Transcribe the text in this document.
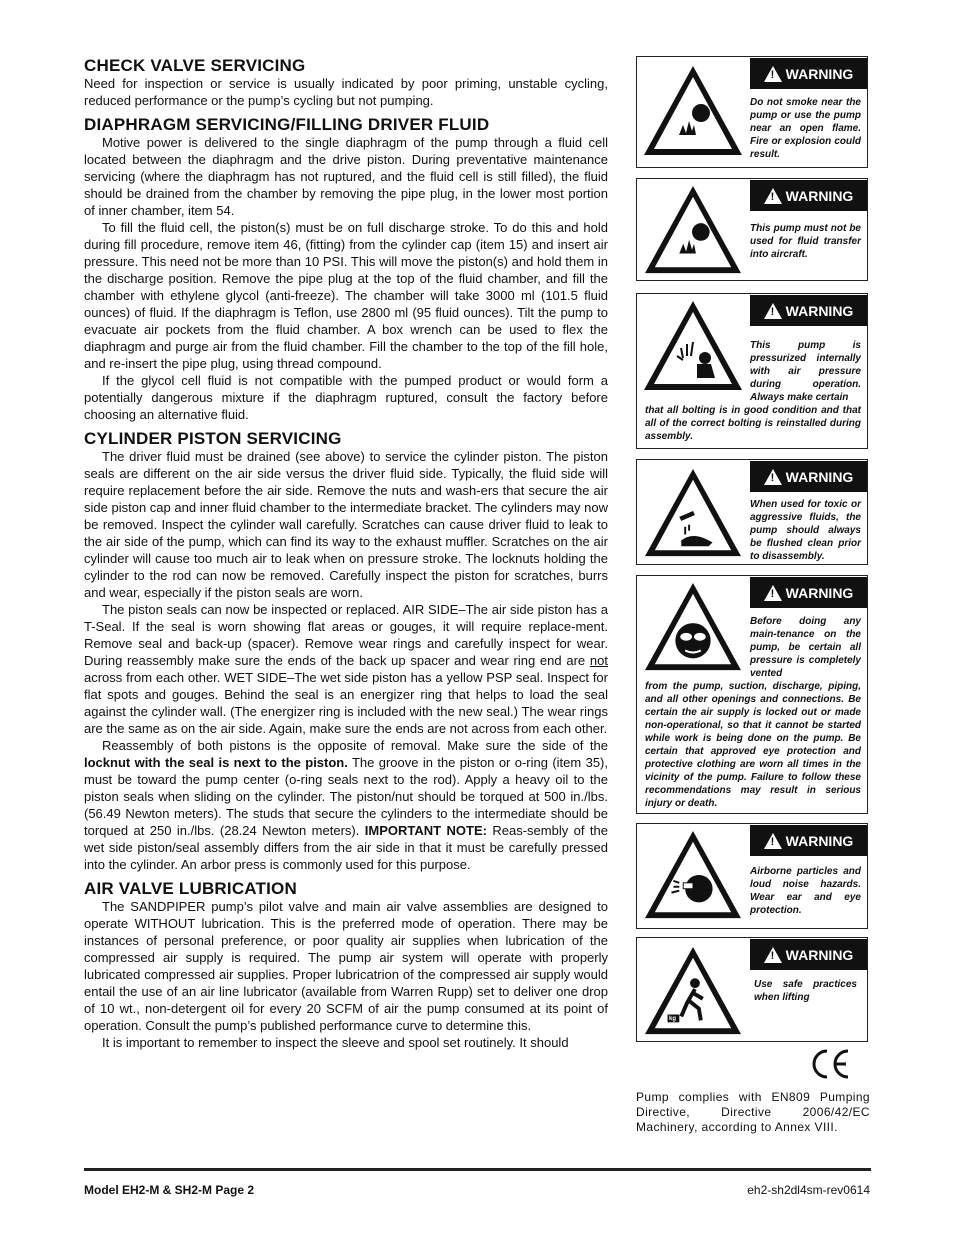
CHECK VALVE SERVICING

Need for inspection or service is usually indicated by poor priming, unstable cycling, reduced performance or the pump’s cycling but not pumping.

DIAPHRAGM SERVICING/FILLING DRIVER FLUID

Motive power is delivered to the single diaphragm of the pump through a fluid cell located between the diaphragm and the drive piston. During preventative maintenance servicing (where the diaphragm has not ruptured, and the fluid cell is still filled), the fluid should be drained from the chamber by removing the pipe plug, in the lower most portion of inner chamber, item 54.

To fill the fluid cell, the piston(s) must be on full discharge stroke. To do this and hold during fill procedure, remove item 46, (fitting) from the cylinder cap (item 15) and insert air pressure. This need not be more than 10 PSI. This will move the piston(s) and hold them in the discharge position. Remove the pipe plug at the top of the fluid chamber, and fill the chamber with ethylene glycol (anti-freeze). The chamber will take 3000 ml (101.5 fluid ounces) of fluid. If the diaphragm is Teflon, use 2800 ml (95 fluid ounces). Tilt the pump to evacuate air pockets from the fluid chamber. A box wrench can be used to flex the diaphragm and purge air from the fluid chamber. Fill the chamber to the top of the fill hole, and re-insert the pipe plug, using thread compound.

If the glycol cell fluid is not compatible with the pumped product or would form a potentially dangerous mixture if the diaphragm ruptured, consult the factory before choosing an alternative fluid.

CYLINDER PISTON SERVICING

The driver fluid must be drained (see above) to service the cylinder piston. The piston seals are different on the air side versus the driver fluid side. Typically, the fluid side will require replacement before the air side. Remove the nuts and wash-ers that secure the air side piston cap and inner fluid chamber to the intermediate bracket. The cylinders may now be removed. Inspect the cylinder wall carefully. Scratches can cause driver fluid to leak to the air side of the pump, which can find its way to the exhaust muffler. Scratches on the air cylinder will cause too much air to leak when on pressure stroke. The locknuts holding the cylinder to the rod can now be removed. Carefully inspect the piston for scratches, burrs and wear, especially if the piston seals are worn.

The piston seals can now be inspected or replaced. AIR SIDE–The air side piston has a T-Seal. If the seal is worn showing flat areas or gouges, it will require replace-ment. Remove seal and back-up (spacer). Remove wear rings and carefully inspect for wear. During reassembly make sure the ends of the back up spacer and wear ring end are not across from each other. WET SIDE–The wet side piston has a yellow PSP seal. Inspect for flat spots and gouges. Behind the seal is an energizer ring that helps to load the seal against the cylinder wall. (The energizer ring is included with the new seal.) The wear rings are the same as on the air side. Again, make sure the ends are not across from each other.

Reassembly of both pistons is the opposite of removal. Make sure the side of the locknut with the seal is next to the piston. The groove in the piston or o-ring (item 35), must be toward the pump center (o-ring seals next to the rod). Apply a heavy oil to the piston seals when sliding on the cylinder. The piston/nut should be torqued at 500 in./lbs. (56.49 Newton meters). The studs that secure the cylinders to the intermediate should be torqued at 250 in./lbs. (28.24 Newton meters). IMPORTANT NOTE: Reas-sembly of the wet side piston/seal assembly differs from the air side in that it must be carefully pressed into the cylinder. An arbor press is commonly used for this purpose.

AIR VALVE LUBRICATION

The SANDPIPER pump’s pilot valve and main air valve assemblies are designed to operate WITHOUT lubrication. This is the preferred mode of operation. There may be instances of personal preference, or poor quality air supplies when lubrication of the compressed air supply is required. The pump air system will operate with properly lubricated compressed air supplies. Proper lubricatrion of the compressed air supply would entail the use of an air line lubricator (available from Warren Rupp) set to deliver one drop of 10 wt., non-detergent oil for every 20 SCFM of air the pump consumed at its point of operation. Consult the pump’s published performance curve to determine this.

It is important to remember to inspect the sleeve and spool set routinely. It should

! WARNING
Do not smoke near the pump or use the pump near an open flame. Fire or explosion could result.
! WARNING
This pump must not be used for fluid transfer into aircraft.
! WARNING
This pump is pressurized internally with air pressure during operation. Always make certain
that all bolting is in good condition and that all of the correct bolting is reinstalled during assembly.
! WARNING
When used for toxic or aggressive fluids, the pump should always be flushed clean prior to disassembly.
! WARNING
Before doing any main-tenance on the pump, be certain all pressure is completely vented
from the pump, suction, discharge, piping, and all other openings and connections. Be certain the air supply is locked out or made non-operational, so that it cannot be started while work is being done on the pump. Be certain that approved eye protection and protective clothing are worn all times in the vicinity of the pump. Failure to follow these recommendations may result in serious injury or death.
! WARNING
Airborne particles and loud noise hazards. Wear ear and eye protection.
kg
! WARNING
Use safe practices when lifting
Pump complies with EN809 Pumping Directive, Directive 2006/42/EC Machinery, according to Annex VIII.
Model EH2-M & SH2-M Page 2	eh2-sh2dl4sm-rev0614
